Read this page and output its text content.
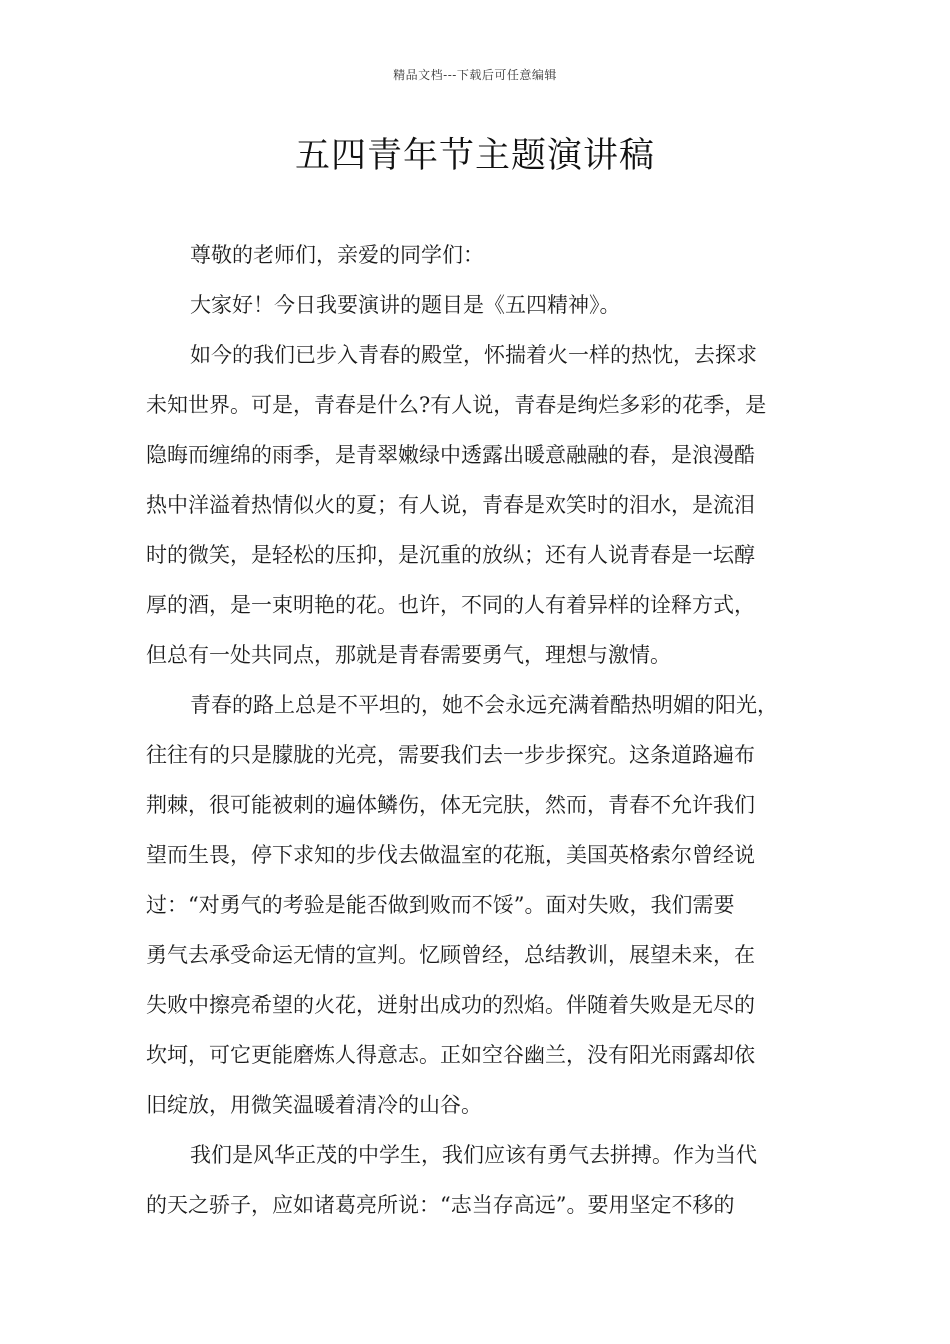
精品文档---下载后可任意编辑
五四青年节主题演讲稿
尊敬的老师们，亲爱的同学们：
大家好！今日我要演讲的题目是《五四精神》。
如今的我们已步入青春的殿堂，怀揣着火一样的热忱，去探求
未知世界。可是，青春是什么?有人说，青春是绚烂多彩的花季，是
隐晦而缠绵的雨季，是青翠嫩绿中透露出暖意融融的春，是浪漫酷
热中洋溢着热情似火的夏；有人说，青春是欢笑时的泪水，是流泪
时的微笑，是轻松的压抑，是沉重的放纵；还有人说青春是一坛醇
厚的酒，是一束明艳的花。也许，不同的人有着异样的诠释方式，
但总有一处共同点，那就是青春需要勇气，理想与激情。
青春的路上总是不平坦的，她不会永远充满着酷热明媚的阳光，
往往有的只是朦胧的光亮，需要我们去一步步探究。这条道路遍布
荆棘，很可能被刺的遍体鳞伤，体无完肤，然而，青春不允许我们
望而生畏，停下求知的步伐去做温室的花瓶，美国英格索尔曾经说
过：“对勇气的考验是能否做到败而不馁”。面对失败，我们需要
勇气去承受命运无情的宣判。忆顾曾经，总结教训，展望未来，在
失败中擦亮希望的火花，迸射出成功的烈焰。伴随着失败是无尽的
坎坷，可它更能磨炼人得意志。正如空谷幽兰，没有阳光雨露却依
旧绽放，用微笑温暖着清冷的山谷。
我们是风华正茂的中学生，我们应该有勇气去拼搏。作为当代
的天之骄子，应如诸葛亮所说：“志当存高远”。要用坚定不移的
